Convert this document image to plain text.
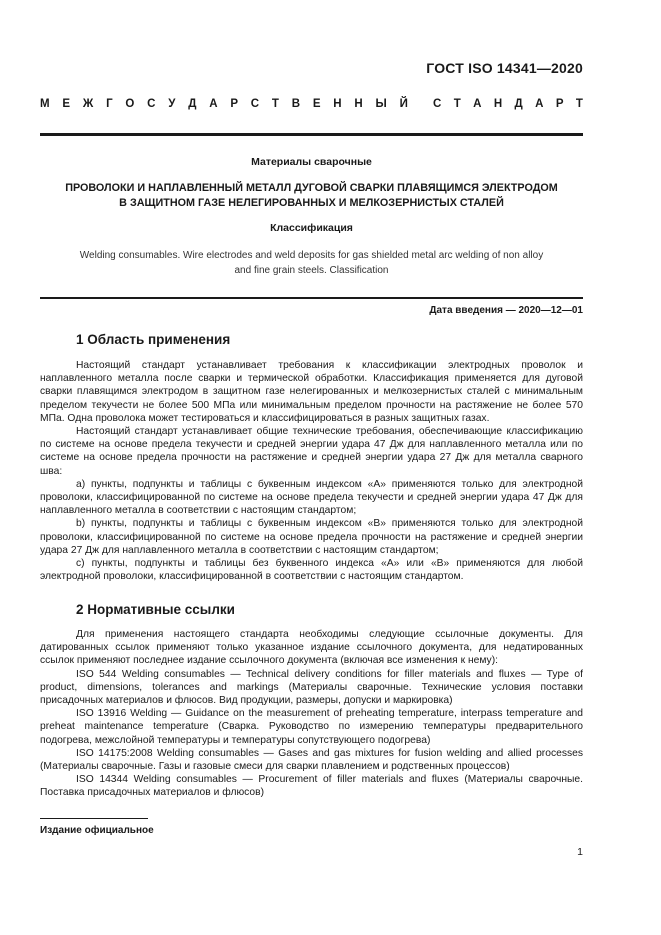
ГОСТ ISO 14341—2020
М Е Ж Г О С У Д А Р С Т В Е Н Н Ы Й С Т А Н Д А Р Т
Материалы сварочные
ПРОВОЛОКИ И НАПЛАВЛЕННЫЙ МЕТАЛЛ ДУГОВОЙ СВАРКИ ПЛАВЯЩИМСЯ ЭЛЕКТРОДОМ
В ЗАЩИТНОМ ГАЗЕ НЕЛЕГИРОВАННЫХ И МЕЛКОЗЕРНИСТЫХ СТАЛЕЙ
Классификация
Welding consumables. Wire electrodes and weld deposits for gas shielded metal arc welding of non alloy
and fine grain steels. Classification
Дата введения — 2020—12—01
1 Область применения

Настоящий стандарт устанавливает требования к классификации электродных проволок и наплавленного металла после сварки и термической обработки. Классификация применяется для дуговой сварки плавящимся электродом в защитном газе нелегированных и мелкозернистых сталей с минимальным пределом текучести не более 500 МПа или минимальным пределом прочности на растяжение не более 570 МПа. Одна проволока может тестироваться и классифицироваться в разных защитных газах.

Настоящий стандарт устанавливает общие технические требования, обеспечивающие классификацию по системе на основе предела текучести и средней энергии удара 47 Дж для наплавленного металла или по системе на основе предела прочности на растяжение и средней энергии удара 27 Дж для металла сварного шва:

а) пункты, подпункты и таблицы с буквенным индексом «А» применяются только для электродной проволоки, классифицированной по системе на основе предела текучести и средней энергии удара 47 Дж для наплавленного металла в соответствии с настоящим стандартом;

b) пункты, подпункты и таблицы с буквенным индексом «В» применяются только для электродной проволоки, классифицированной по системе на основе предела прочности на растяжение и средней энергии удара 27 Дж для наплавленного металла в соответствии с настоящим стандартом;

с) пункты, подпункты и таблицы без буквенного индекса «А» или «В» применяются для любой электродной проволоки, классифицированной в соответствии с настоящим стандартом.

2 Нормативные ссылки

Для применения настоящего стандарта необходимы следующие ссылочные документы. Для датированных ссылок применяют только указанное издание ссылочного документа, для недатированных ссылок применяют последнее издание ссылочного документа (включая все изменения к нему):

ISO 544 Welding consumables — Technical delivery conditions for filler materials and fluxes — Type of product, dimensions, tolerances and markings (Материалы сварочные. Технические условия поставки присадочных материалов и флюсов. Вид продукции, размеры, допуски и маркировка)

ISO 13916 Welding — Guidance on the measurement of preheating temperature, interpass temperature and preheat maintenance temperature (Сварка. Руководство по измерению температуры предварительного подогрева, межслойной температуры и температуры сопутствующего подогрева)

ISO 14175:2008 Welding consumables — Gases and gas mixtures for fusion welding and allied processes (Материалы сварочные. Газы и газовые смеси для сварки плавлением и родственных процессов)

ISO 14344 Welding consumables — Procurement of filler materials and fluxes (Материалы сварочные. Поставка присадочных материалов и флюсов)

Издание официальное
1
